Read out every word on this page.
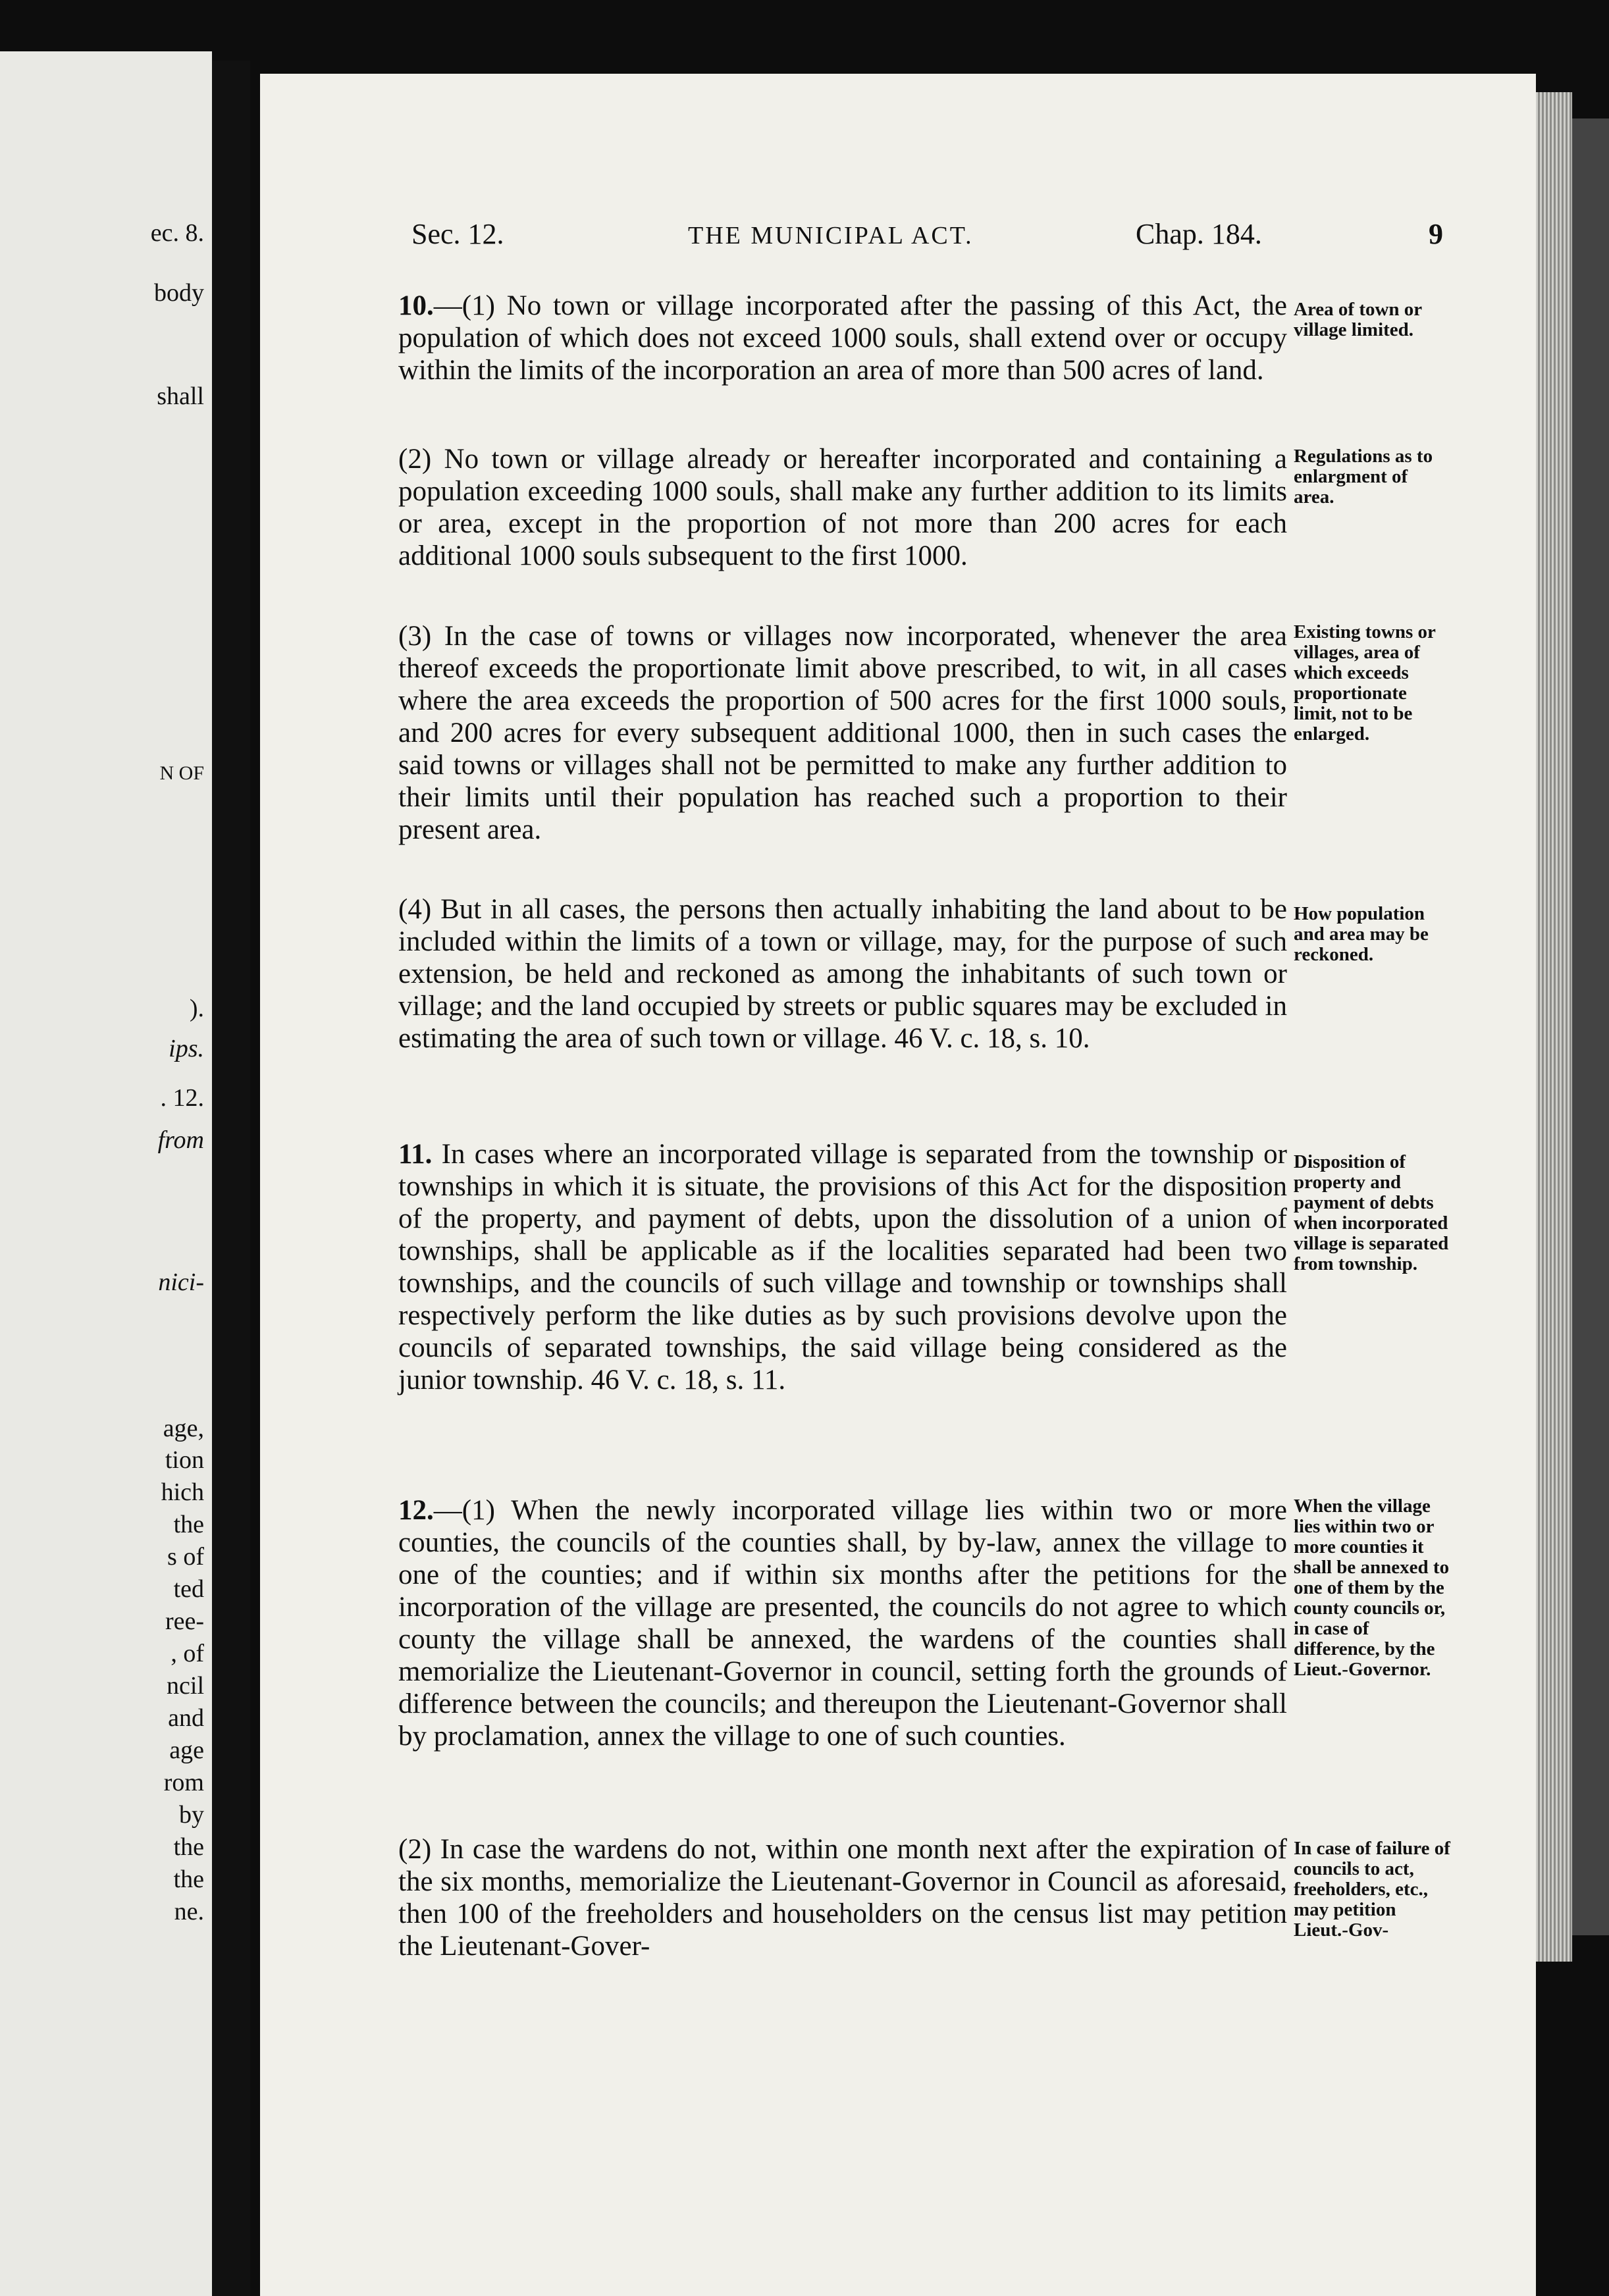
ec. 8.
body
shall
N OF
).
ips.
. 12.
from
nici-
age,
tion
hich
the
s of
ted
ree-
, of
ncil
and
age
rom
by
the
the
ne.
Sec. 12.	THE MUNICIPAL ACT.	Chap. 184.	9

10.—(1) No town or village incorporated after the passing of this Act, the population of which does not exceed 1000 souls, shall extend over or occupy within the limits of the incorporation an area of more than 500 acres of land.

(2) No town or village already or hereafter incorporated and containing a population exceeding 1000 souls, shall make any further addition to its limits or area, except in the proportion of not more than 200 acres for each additional 1000 souls subsequent to the first 1000.

(3) In the case of towns or villages now incorporated, whenever the area thereof exceeds the proportionate limit above prescribed, to wit, in all cases where the area exceeds the proportion of 500 acres for the first 1000 souls, and 200 acres for every subsequent additional 1000, then in such cases the said towns or villages shall not be permitted to make any further addition to their limits until their population has reached such a proportion to their present area.

(4) But in all cases, the persons then actually inhabiting the land about to be included within the limits of a town or village, may, for the purpose of such extension, be held and reckoned as among the inhabitants of such town or village; and the land occupied by streets or public squares may be excluded in estimating the area of such town or village. 46 V. c. 18, s. 10.

11. In cases where an incorporated village is separated from the township or townships in which it is situate, the provisions of this Act for the disposition of the property, and payment of debts, upon the dissolution of a union of townships, shall be applicable as if the localities separated had been two townships, and the councils of such village and township or townships shall respectively perform the like duties as by such provisions devolve upon the councils of separated townships, the said village being considered as the junior township. 46 V. c. 18, s. 11.

12.—(1) When the newly incorporated village lies within two or more counties, the councils of the counties shall, by by-law, annex the village to one of the counties; and if within six months after the petitions for the incorporation of the village are presented, the councils do not agree to which county the village shall be annexed, the wardens of the counties shall memorialize the Lieutenant-Governor in council, setting forth the grounds of difference between the councils; and thereupon the Lieutenant-Governor shall by proclamation, annex the village to one of such counties.

(2) In case the wardens do not, within one month next after the expiration of the six months, memorialize the Lieutenant-Governor in Council as aforesaid, then 100 of the freeholders and householders on the census list may petition the Lieutenant-Gover-

Area of town or village limited.

Regulations as to enlargment of area.

Existing towns or villages, area of which exceeds proportionate limit, not to be enlarged.

How population and area may be reckoned.

Disposition of property and payment of debts when incorporated village is separated from township.

When the village lies within two or more counties it shall be annexed to one of them by the county councils or, in case of difference, by the Lieut.-Governor.

In case of failure of councils to act, freeholders, etc., may petition Lieut.-Gov-
